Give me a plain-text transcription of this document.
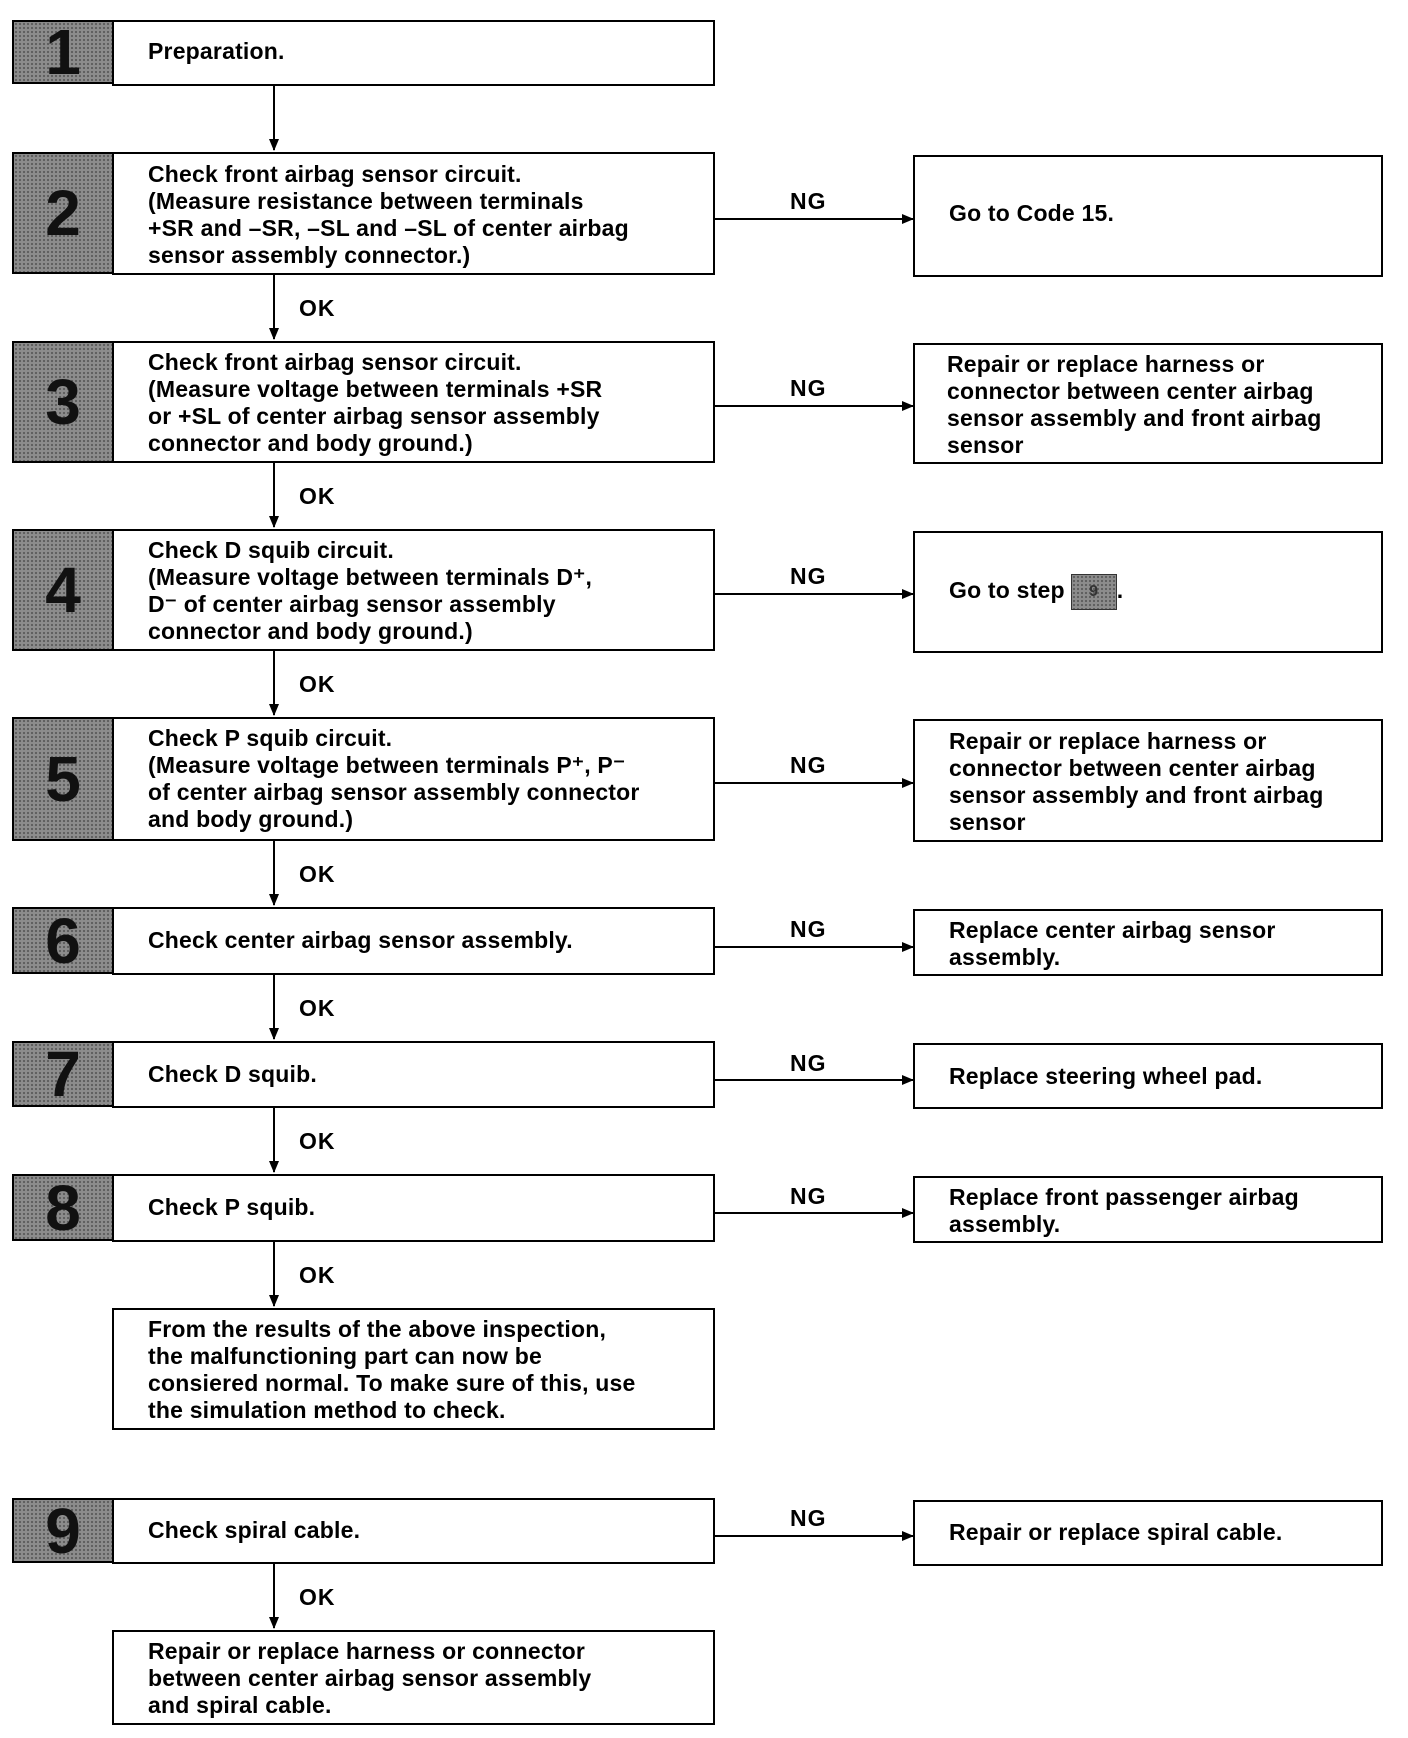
1	Preparation.
2
Check front airbag sensor circuit.
(Measure resistance between terminals
+SR and –SR, –SL and –SL of center airbag
sensor assembly connector.)
NG	Go to Code 15.
OK
3
Check front airbag sensor circuit.
(Measure voltage between terminals +SR
or +SL of center airbag sensor assembly
connector and body ground.)
NG
Repair or replace harness or
connector between center airbag
sensor assembly and front airbag
sensor
OK
4
Check D squib circuit.
(Measure voltage between terminals D⁺,
D⁻ of center airbag sensor assembly
connector and body ground.)
NG
Go to step 9 .
OK
5
Check P squib circuit.
(Measure voltage between terminals P⁺, P⁻
of center airbag sensor assembly connector
and body ground.)
NG
Repair or replace harness or
connector between center airbag
sensor assembly and front airbag
sensor
OK
6	Check center airbag sensor assembly.	NG	Replace center airbag sensor
assembly.
OK
7	Check D squib.	NG	Replace steering wheel pad.
OK
8	Check P squib.	NG	Replace front passenger airbag
assembly.
OK
From the results of the above inspection,
the malfunctioning part can now be
consiered normal. To make sure of this, use
the simulation method to check.
9	Check spiral cable.	NG
Repair or replace spiral cable.
OK
Repair or replace harness or connector
between center airbag sensor assembly
and spiral cable.
